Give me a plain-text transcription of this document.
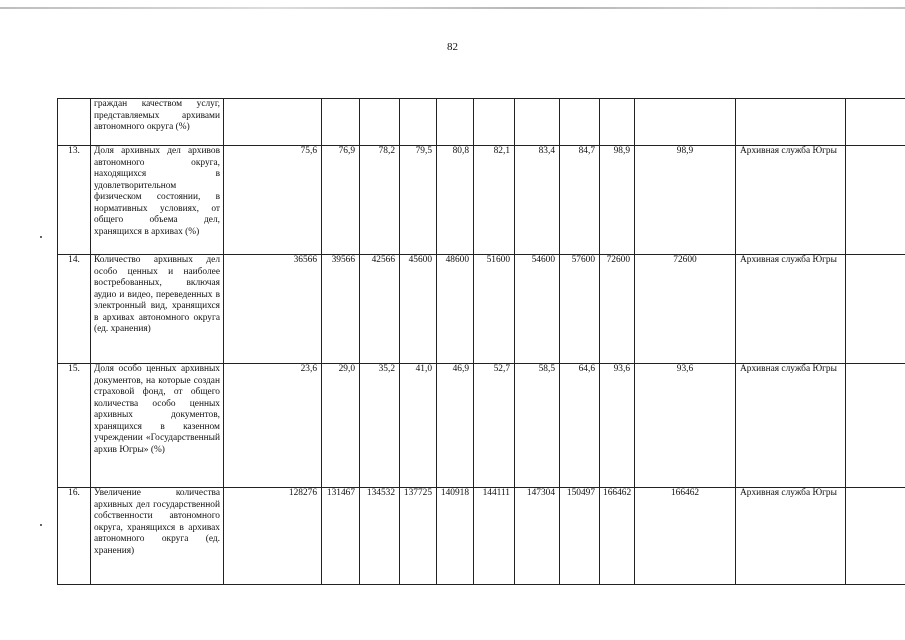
82
	граждан качеством услуг, представляемых архивами автономного округа (%)												
13.	Доля архивных дел архивов автономного округа, находящихся в удовлетворительном физическом состоянии, в нормативных условиях, от общего объема дел, хранящихся в архивах (%)	75,6	76,9	78,2	79,5	80,8	82,1	83,4	84,7	98,9	98,9	Архивная служба Югры	
14.	Количество архивных дел особо ценных и наиболее востребованных, включая аудио и видео, переведенных в электронный вид, хранящихся в архивах автономного округа (ед. хранения)	36566	39566	42566	45600	48600	51600	54600	57600	72600	72600	Архивная служба Югры	
15.	Доля особо ценных архивных документов, на которые создан страховой фонд, от общего количества особо ценных архивных документов, хранящихся в казенном учреждении «Государственный архив Югры» (%)	23,6	29,0	35,2	41,0	46,9	52,7	58,5	64,6	93,6	93,6	Архивная служба Югры	
16.	Увеличение количества архивных дел государственной собственности автономного округа, хранящихся в архивах автономного округа (ед. хранения)	128276	131467	134532	137725	140918	144111	147304	150497	166462	166462	Архивная служба Югры	
